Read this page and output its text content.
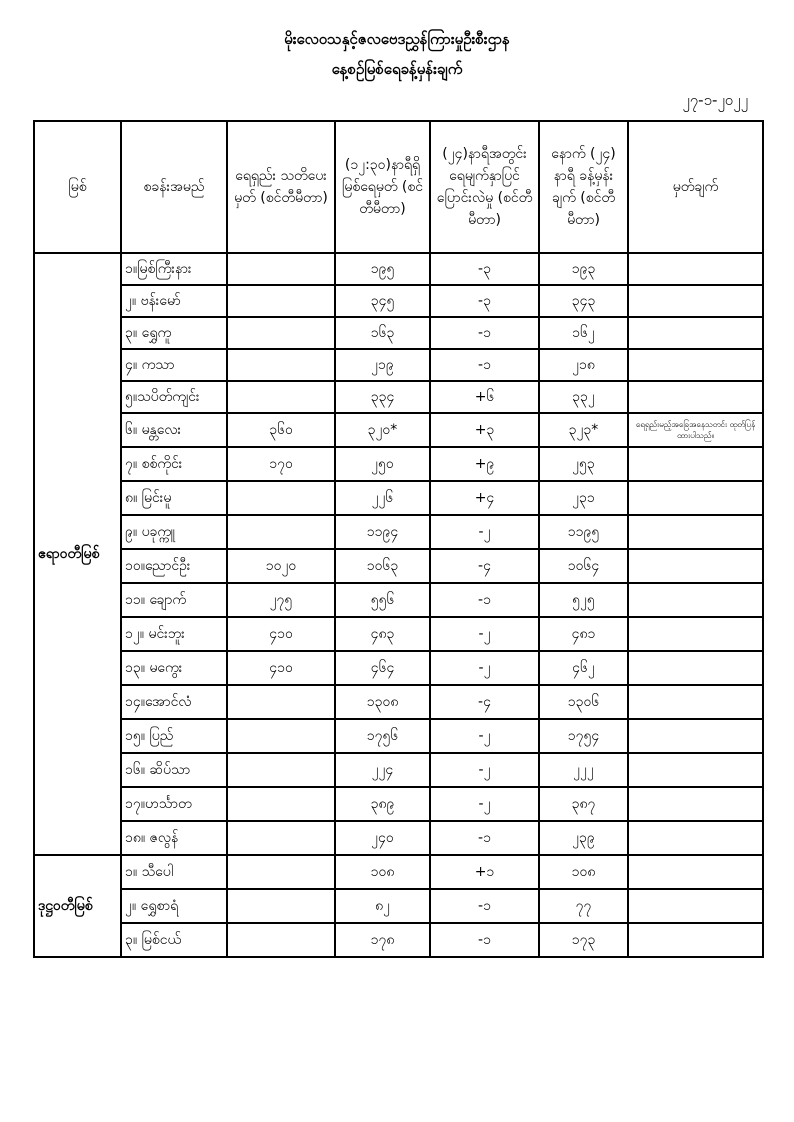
မိုးလေဝသနှင့်ဇလဗေဒညွှန်ကြားမှုဦးစီးဌာန
နေ့စဉ်မြစ်ရေခန့်မှန်းချက်
၂၇-၁-၂၀၂၂
မြစ်	စခန်းအမည်	ရေရှည်း သတိပေးမှတ် (စင်တီမီတာ)	(၁၂:၃၀)နာရီရှိ မြစ်ရေမှတ် (စင်တီမီတာ)	(၂၄)နာရီအတွင်း ရေမျက်နှာပြင် ပြောင်းလဲမှု (စင်တီမီတာ)	နောက် (၂၄) နာရီ ခန့်မှန်းချက် (စင်တီမီတာ)	မှတ်ချက်
ဧရာဝတီမြစ်	၁။မြစ်ကြီးနား		၁၉၅	-၃	၁၉၃	
	၂။ ဗန်းမော်		၃၄၅	-၃	၃၄၃	
	၃။ ရွှေကူ		၁၆၃	-၁	၁၆၂	
	၄။ ကသာ		၂၁၉	-၁	၂၁၈	
	၅။သပိတ်ကျင်း		၃၃၄	+၆	၃၃၂	
	၆။ မန္တလေး	၃၆၀	၃၂၀*	+၃	၃၂၃*	ရေရှည်းမည့်အခြေအနေသတင်း ထုတ်ပြန်ထားပါသည်။
	၇။ စစ်ကိုင်း	၁၇၀	၂၅၀	+၉	၂၅၃	
	၈။ မြင်းမူ		၂၂၆	+၄	၂၃၁	
	၉။ ပခုက္ကူ		၁၁၉၄	-၂	၁၁၉၅	
	၁၀။ညောင်ဦး	၁၀၂၀	၁၀၆၃	-၄	၁၀၆၄	
	၁၁။ ချောက်	၂၇၅	၅၅၆	-၁	၅၂၅	
	၁၂။ မင်းဘူး	၄၁၀	၄၈၃	-၂	၄၈၁	
	၁၃။ မကွေး	၄၁၀	၄၆၄	-၂	၄၆၂	
	၁၄။အောင်လံ		၁၃၀၈	-၄	၁၃၀၆	
	၁၅။ ပြည်		၁၇၅၆	-၂	၁၇၅၄	
	၁၆။ ဆိပ်သာ		၂၂၄	-၂	၂၂၂	
	၁၇။ဟင်္သာတ		၃၈၉	-၂	၃၈၇	
	၁၈။ ဇလွန်		၂၄၀	-၁	၂၃၉	
ဒုဋ္ဌဝတီမြစ်	၁။ သီပေါ		၁၀၈	+၁	၁၀၈	
	၂။ ရွှေစာရံ		၈၂	-၁	၇၇	
	၃။ မြစ်ငယ်		၁၇၈	-၁	၁၇၃	
